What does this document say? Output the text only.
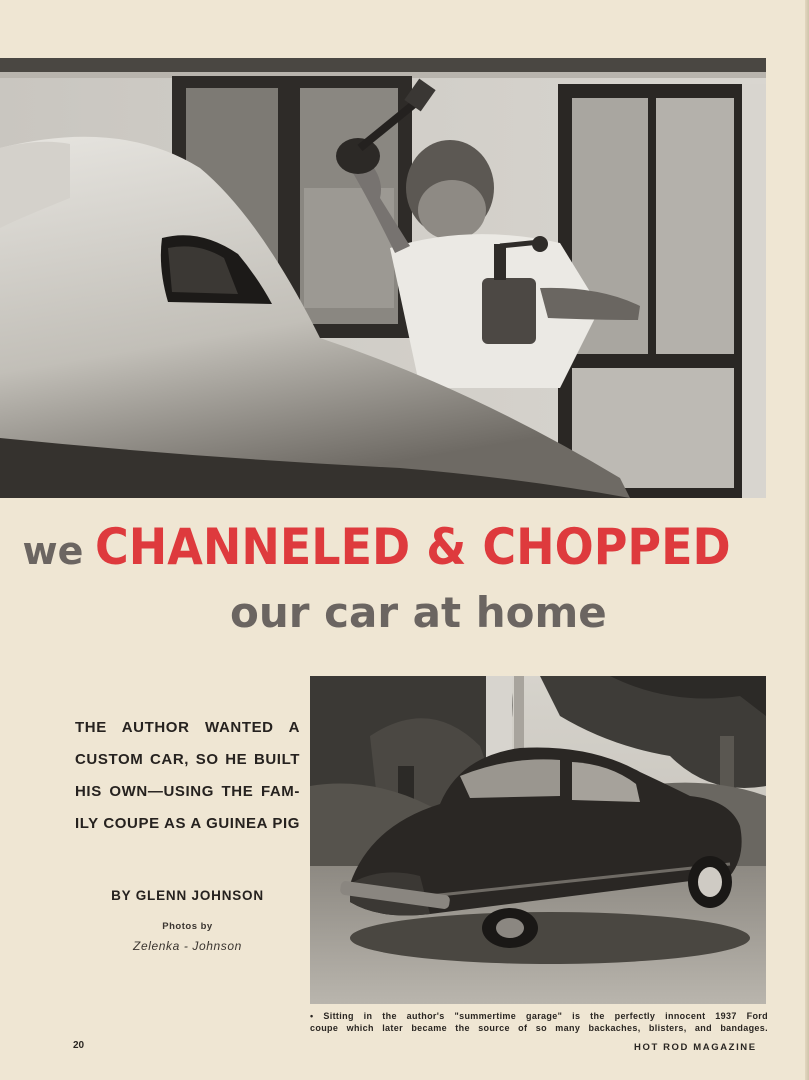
we CHANNELED & CHOPPED
our car at home
THE AUTHOR WANTED A
CUSTOM CAR, SO HE BUILT
HIS OWN—USING THE FAM-
ILY COUPE AS A GUINEA PIG
BY GLENN JOHNSON
Photos by
Zelenka - Johnson
• Sitting in the author's "summertime garage" is the perfectly innocent 1937 Ford
coupe which later became the source of so many backaches, blisters, and bandages.
20	HOT ROD MAGAZINE
